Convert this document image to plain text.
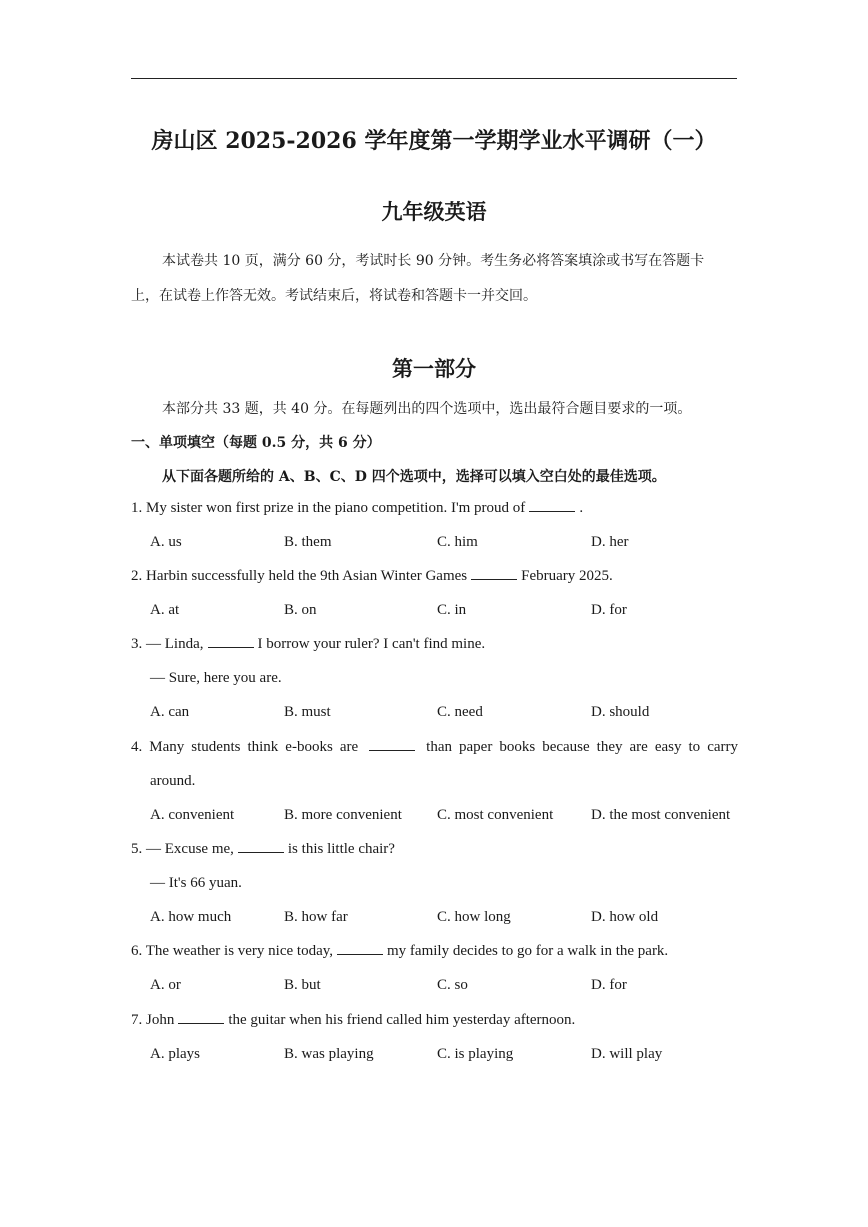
房山区 2025-2026 学年度第一学期学业水平调研（一）
九年级英语
本试卷共 10 页，满分 60 分，考试时长 90 分钟。考生务必将答案填涂或书写在答题卡
上，在试卷上作答无效。考试结束后，将试卷和答题卡一并交回。
第一部分
本部分共 33 题，共 40 分。在每题列出的四个选项中，选出最符合题目要求的一项。
一、单项填空（每题 0.5 分，共 6 分）
从下面各题所给的 A、B、C、D 四个选项中，选择可以填入空白处的最佳选项。
1. My sister won first prize in the piano competition. I'm proud of	.
A. us	B. them	C. him	D. her
2. Harbin successfully held the 9th Asian Winter Games	February 2025.
A. at	B. on	C. in	D. for
3. — Linda,	I borrow your ruler? I can't find mine.
— Sure, here you are.
A. can	B. must	C. need	D. should
4. Many students think e-books are	than paper books because they are easy to carry
around.
A. convenient	B. more convenient C. most convenient	D. the most convenient
5. — Excuse me,	is this little chair?
— It's 66 yuan.
A. how much	B. how far	C. how long	D. how old
6. The weather is very nice today,	my family decides to go for a walk in the park.
A. or	B. but	C. so	D. for
7. John	the guitar when his friend called him yesterday afternoon.
A. plays	B. was playing	C. is playing	D. will play
